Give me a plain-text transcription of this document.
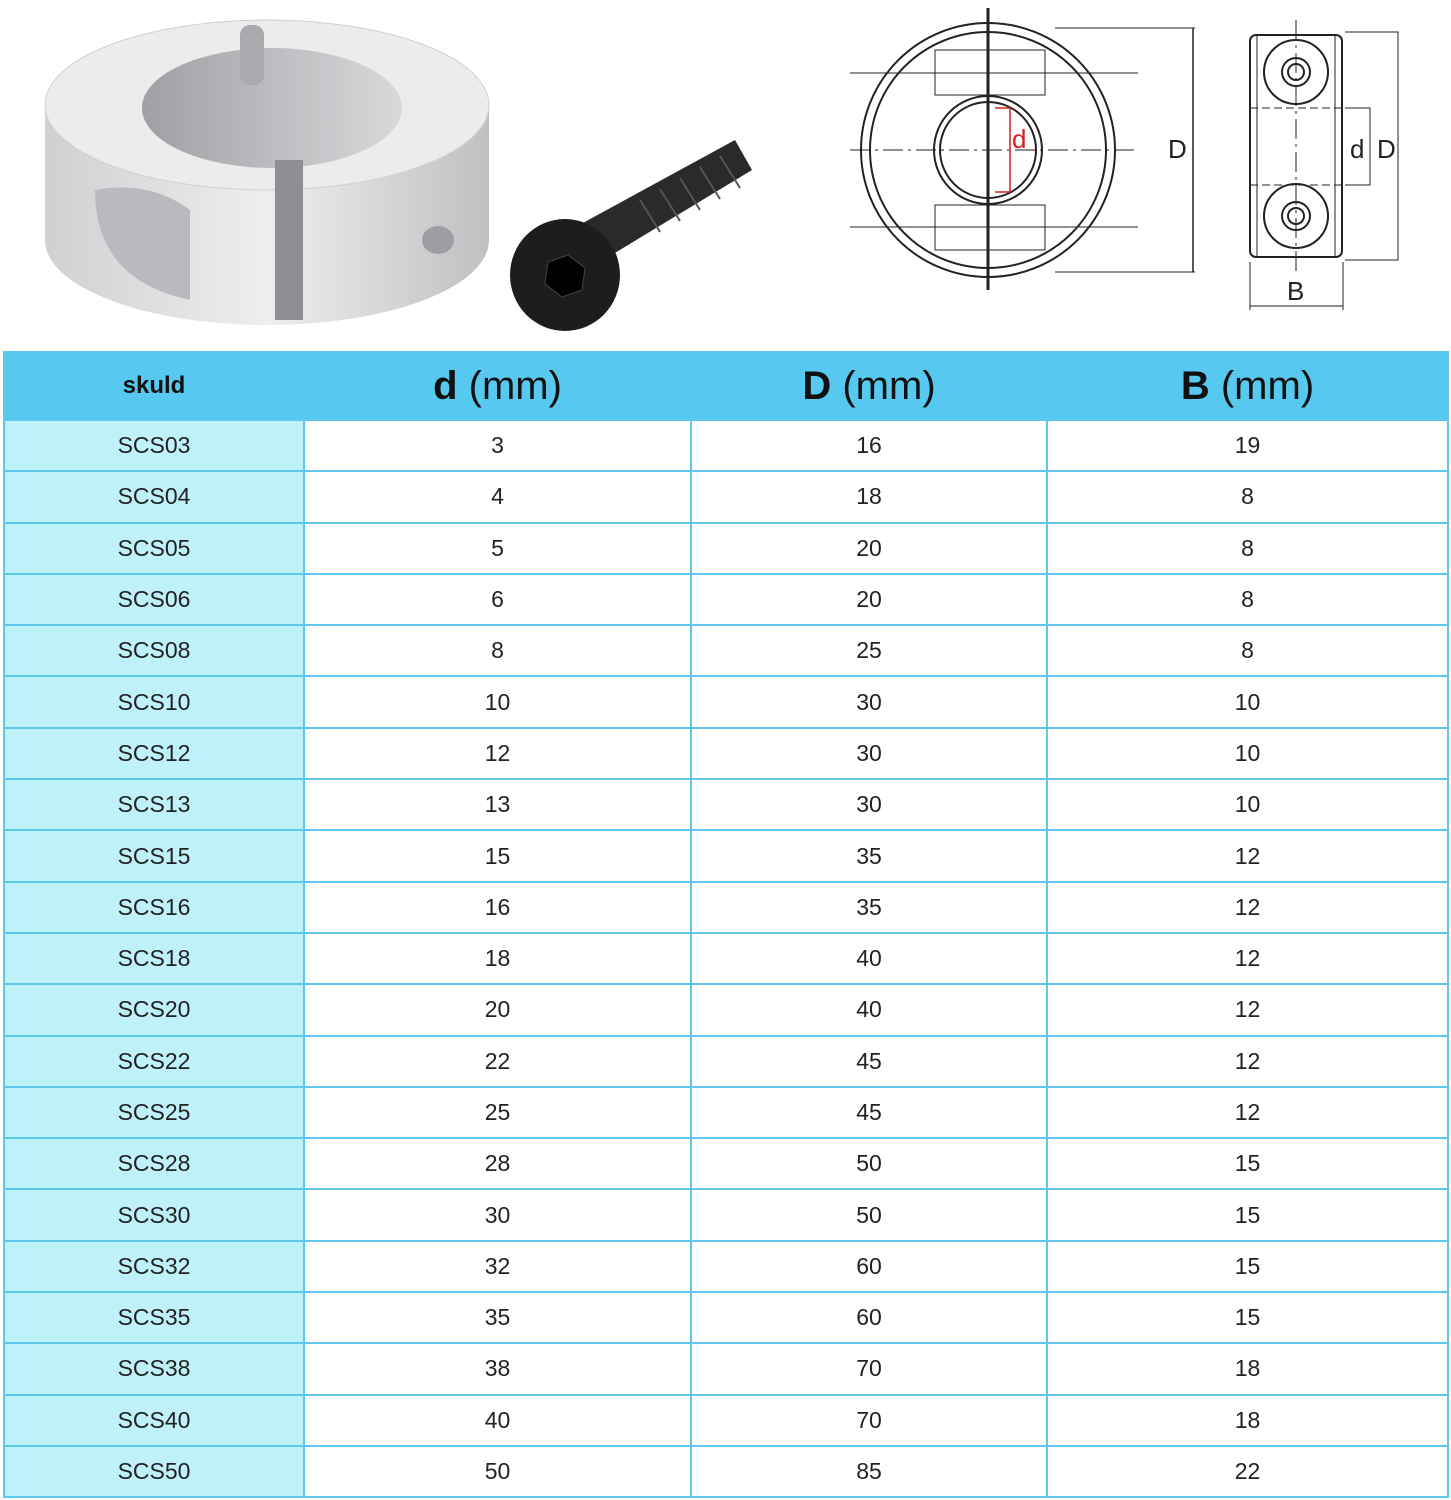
d	D	d D
B
skuld	d (mm)	D (mm)	B (mm)
SCS03	3	16	19
SCS04	4	18	8
SCS05	5	20	8
SCS06	6	20	8
SCS08	8	25	8
SCS10	10	30	10
SCS12	12	30	10
SCS13	13	30	10
SCS15	15	35	12
SCS16	16	35	12
SCS18	18	40	12
SCS20	20	40	12
SCS22	22	45	12
SCS25	25	45	12
SCS28	28	50	15
SCS30	30	50	15
SCS32	32	60	15
SCS35	35	60	15
SCS38	38	70	18
SCS40	40	70	18
SCS50	50	85	22
